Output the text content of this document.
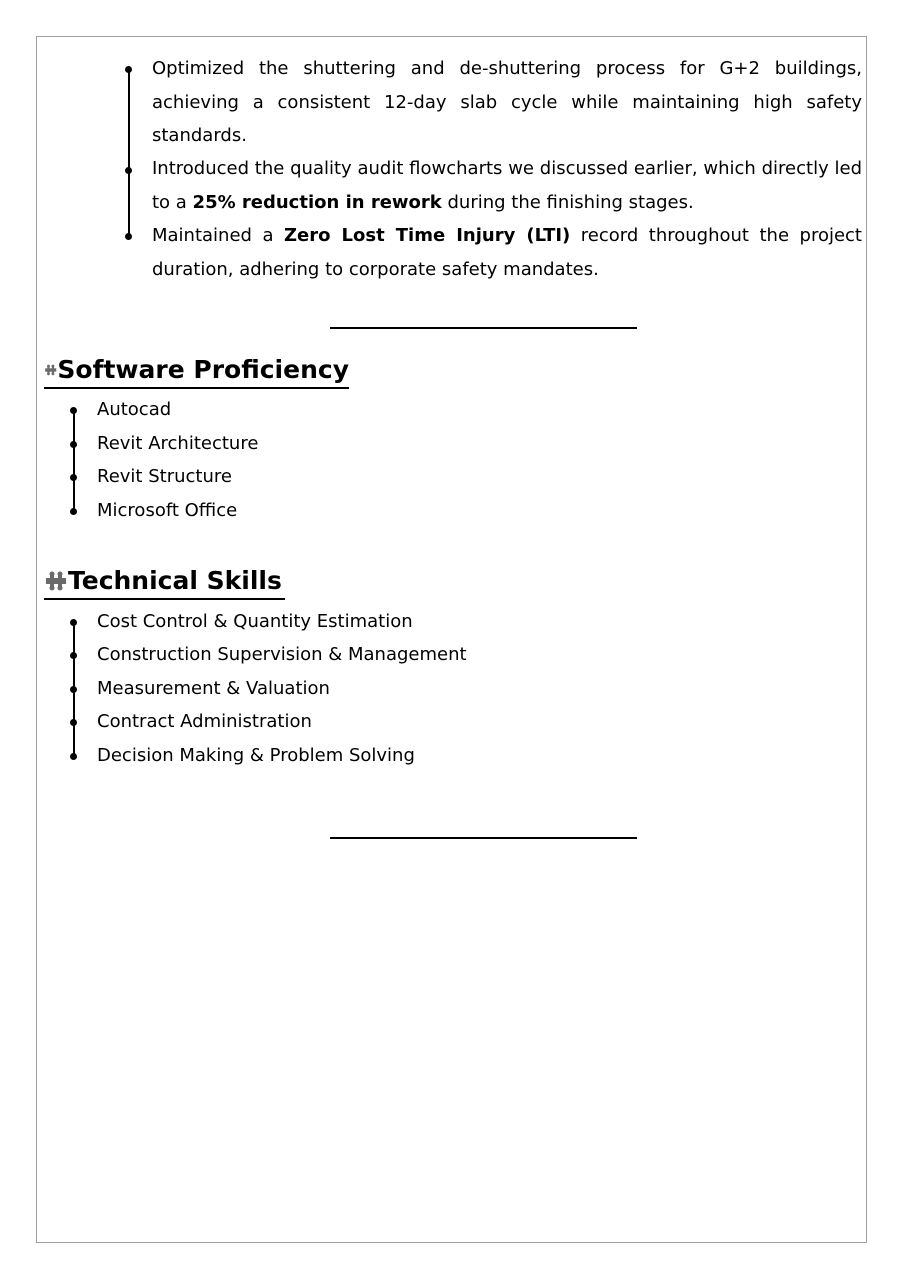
Optimized the shuttering and de-shuttering process for G+2 buildings, achieving a consistent 12-day slab cycle while maintaining high safety standards.

Introduced the quality audit flowcharts we discussed earlier, which directly led to a 25% reduction in rework during the finishing stages.

Maintained a Zero Lost Time Injury (LTI) record throughout the project duration, adhering to corporate safety mandates.

Software Proficiency

Autocad

Revit Architecture

Revit Structure

Microsoft Office

Technical Skills

Cost Control & Quantity Estimation

Construction Supervision & Management

Measurement & Valuation

Contract Administration

Decision Making & Problem Solving
